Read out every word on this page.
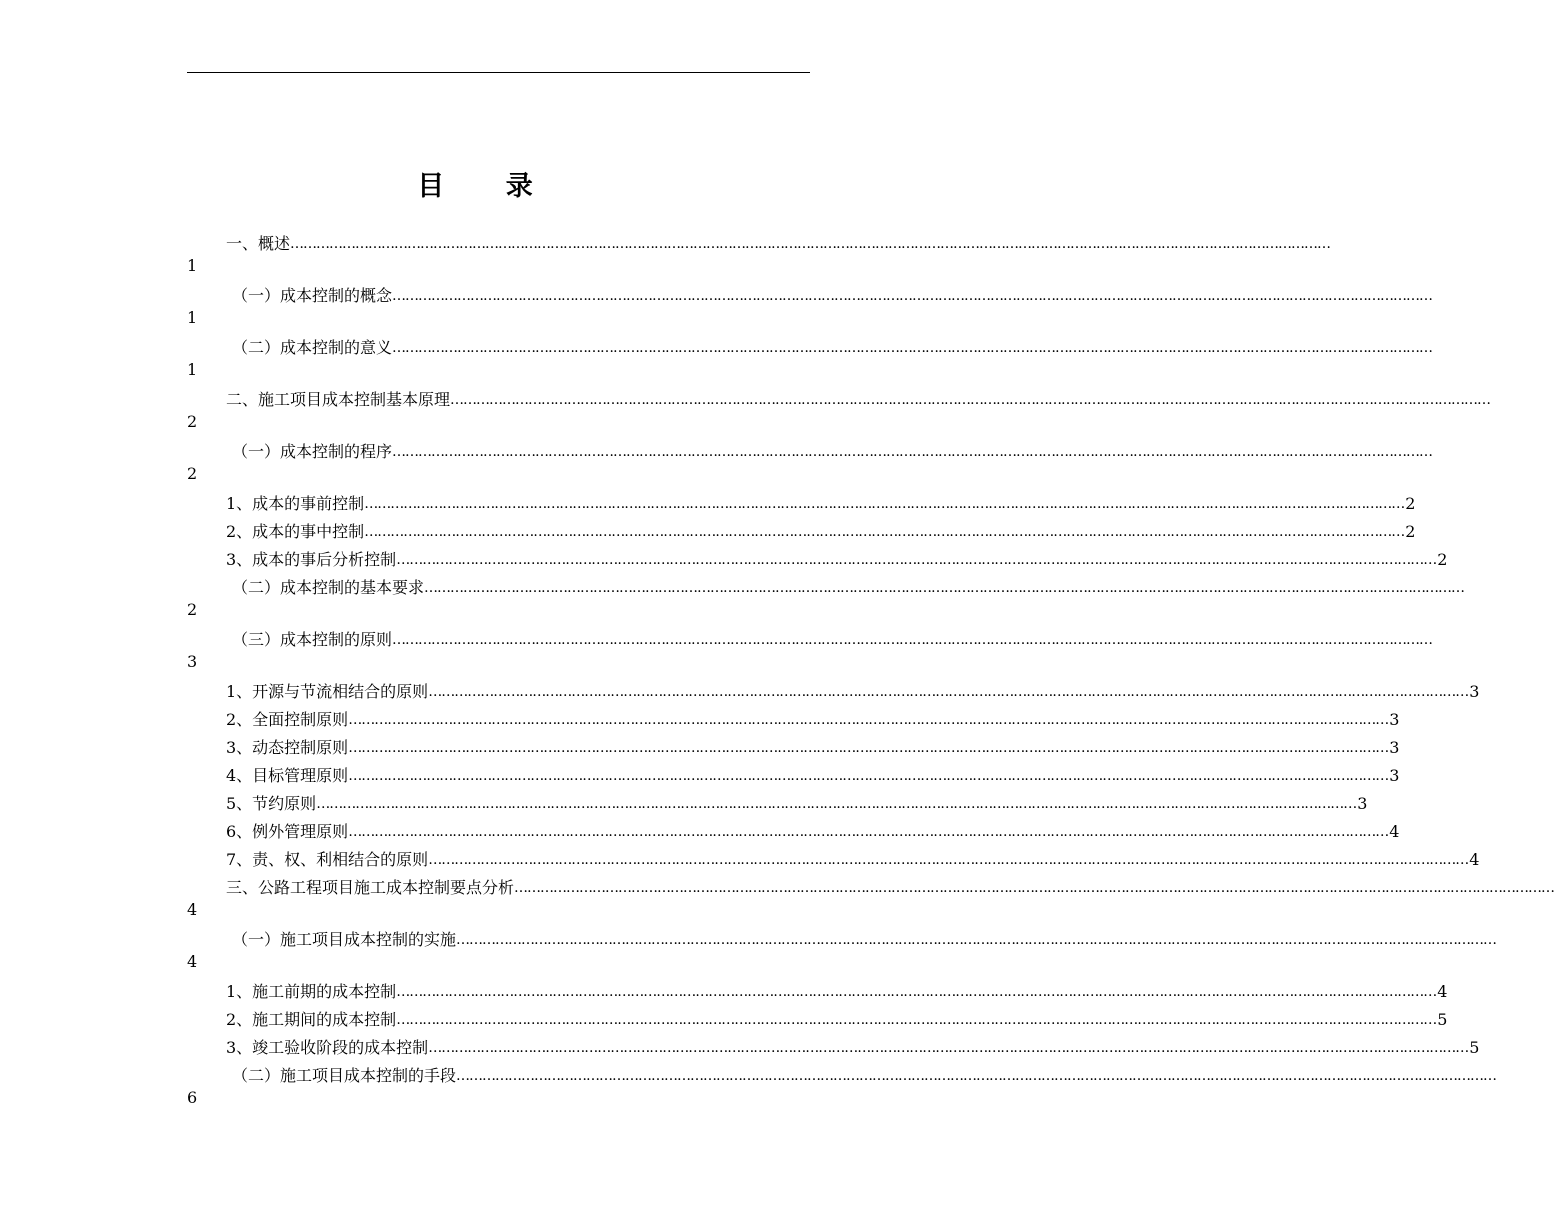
目 录
一、概述 ……………………………………………………………………………………………………………………………………………………………………………………………………………………
1
（一）成本控制的概念 ……………………………………………………………………………………………………………………………………………………………………………………………………………………
1
（二）成本控制的意义 ……………………………………………………………………………………………………………………………………………………………………………………………………………………
1
二、施工项目成本控制基本原理 ……………………………………………………………………………………………………………………………………………………………………………………………………………………
2
（一）成本控制的程序 ……………………………………………………………………………………………………………………………………………………………………………………………………………………
2
1、成本的事前控制 …………………………………………………………………………………………………………………………………………………………………………………………………………………… 2
2、成本的事中控制 …………………………………………………………………………………………………………………………………………………………………………………………………………………… 2
3、成本的事后分析控制 …………………………………………………………………………………………………………………………………………………………………………………………………………………… 2
（二）成本控制的基本要求 ……………………………………………………………………………………………………………………………………………………………………………………………………………………
2
（三）成本控制的原则 ……………………………………………………………………………………………………………………………………………………………………………………………………………………
3
1、开源与节流相结合的原则 …………………………………………………………………………………………………………………………………………………………………………………………………………………… 3
2、全面控制原则 …………………………………………………………………………………………………………………………………………………………………………………………………………………… 3
3、动态控制原则 …………………………………………………………………………………………………………………………………………………………………………………………………………………… 3
4、目标管理原则 …………………………………………………………………………………………………………………………………………………………………………………………………………………… 3
5、节约原则 …………………………………………………………………………………………………………………………………………………………………………………………………………………… 3
6、例外管理原则 …………………………………………………………………………………………………………………………………………………………………………………………………………………… 4
7、责、权、利相结合的原则 …………………………………………………………………………………………………………………………………………………………………………………………………………………… 4
三、公路工程项目施工成本控制要点分析 ……………………………………………………………………………………………………………………………………………………………………………………………………………………
4
（一）施工项目成本控制的实施 ……………………………………………………………………………………………………………………………………………………………………………………………………………………
4
1、施工前期的成本控制 …………………………………………………………………………………………………………………………………………………………………………………………………………………… 4
2、施工期间的成本控制 …………………………………………………………………………………………………………………………………………………………………………………………………………………… 5
3、竣工验收阶段的成本控制 …………………………………………………………………………………………………………………………………………………………………………………………………………………… 5
（二）施工项目成本控制的手段 ……………………………………………………………………………………………………………………………………………………………………………………………………………………
6
